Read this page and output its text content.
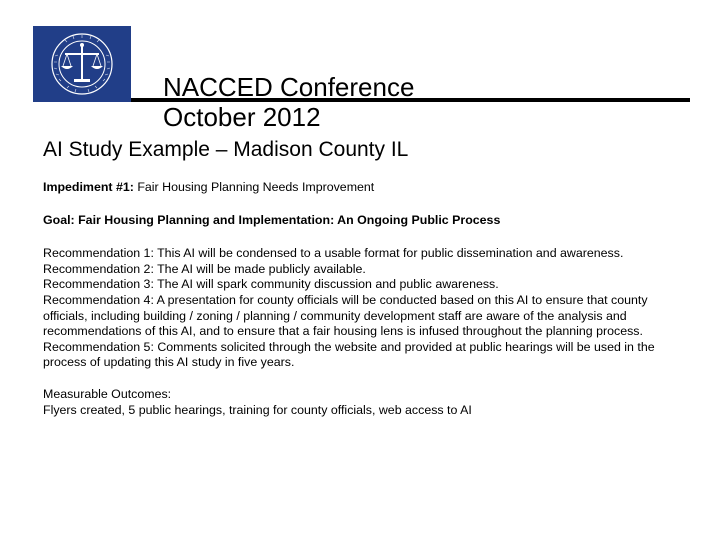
NACCED Conference
October 2012
AI Study Example – Madison County IL

Impediment #1: Fair Housing Planning Needs Improvement

Goal: Fair Housing Planning and Implementation: An Ongoing Public Process

Recommendation 1: This AI will be condensed to a usable format for public dissemination and awareness.

Recommendation 2: The AI will be made publicly available.

Recommendation 3: The AI will spark community discussion and public awareness.

Recommendation 4: A presentation for county officials will be conducted based on this AI to ensure that county officials, including building / zoning / planning / community development staff are aware of the analysis and recommendations of this AI, and to ensure that a fair housing lens is infused throughout the planning process.

Recommendation 5: Comments solicited through the website and provided at public hearings will be used in the process of updating this AI study in five years.

Measurable Outcomes:
Flyers created, 5 public hearings, training for county officials, web access to AI
